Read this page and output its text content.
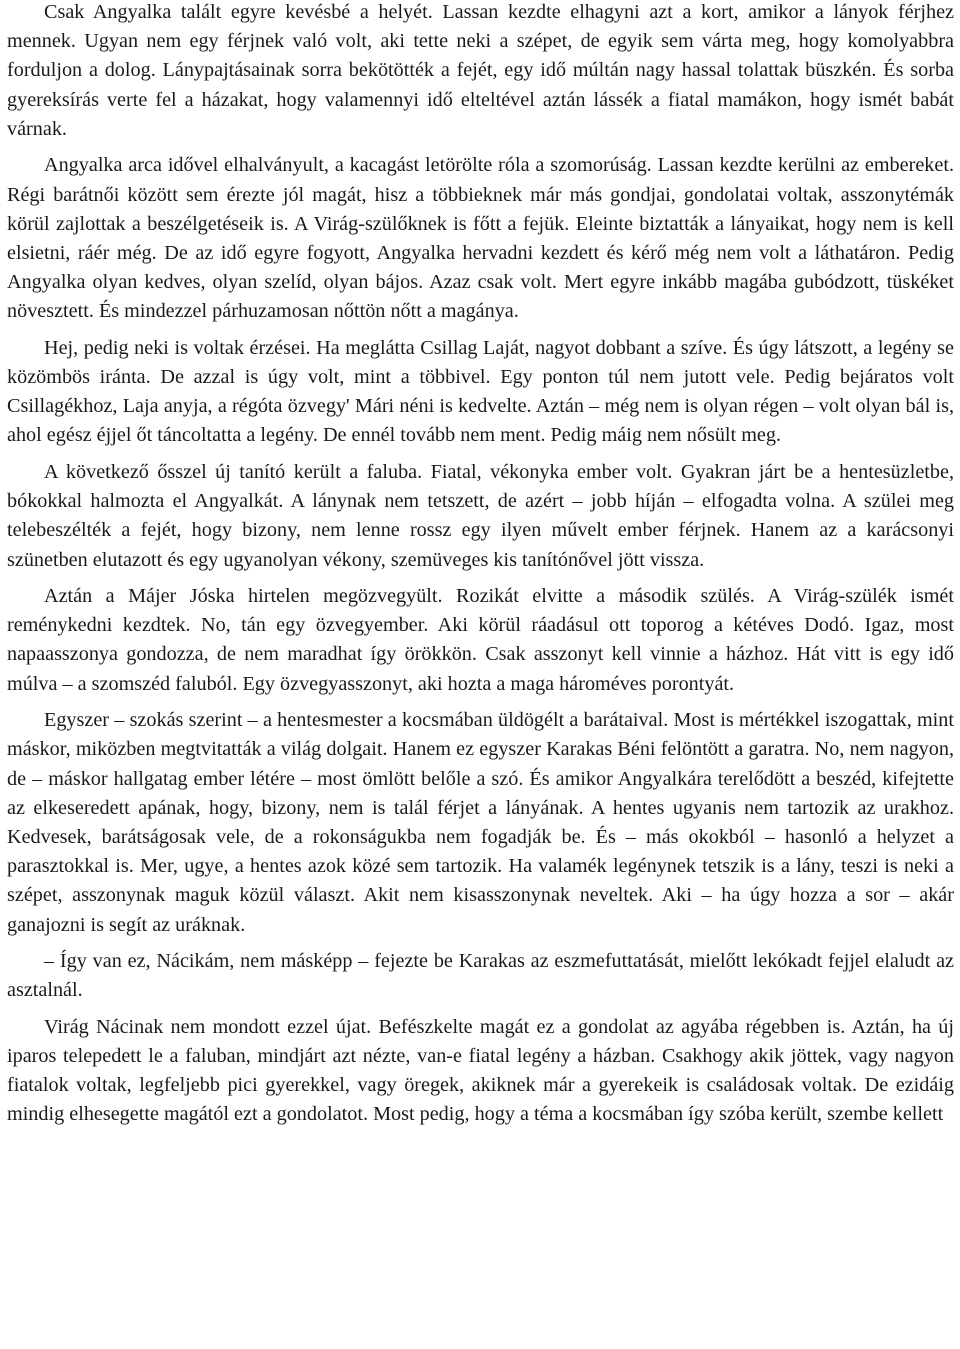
Csak Angyalka talált egyre kevésbé a helyét. Lassan kezdte elhagyni azt a kort, amikor a lányok férjhez mennek. Ugyan nem egy férjnek való volt, aki tette neki a szépet, de egyik sem várta meg, hogy komolyabbra forduljon a dolog. Lánypajtásainak sorra bekötötték a fejét, egy idő múltán nagy hassal tolattak büszkén. És sorba gyereksírás verte fel a házakat, hogy valamennyi idő elteltével aztán lássék a fiatal mamákon, hogy ismét babát várnak.

Angyalka arca idővel elhalványult, a kacagást letörölte róla a szomorúság. Lassan kezdte kerülni az embereket. Régi barátnői között sem érezte jól magát, hisz a többieknek már más gondjai, gondolatai voltak, asszonytémák körül zajlottak a beszélgetéseik is. A Virág-szülőknek is főtt a fejük. Eleinte biztatták a lányaikat, hogy nem is kell elsietni, ráér még. De az idő egyre fogyott, Angyalka hervadni kezdett és kérő még nem volt a láthatáron. Pedig Angyalka olyan kedves, olyan szelíd, olyan bájos. Azaz csak volt. Mert egyre inkább magába gubódzott, tüskéket növesztett. És mindezzel párhuzamosan nőttön nőtt a magánya.

Hej, pedig neki is voltak érzései. Ha meglátta Csillag Laját, nagyot dobbant a szíve. És úgy látszott, a legény se közömbös iránta. De azzal is úgy volt, mint a többivel. Egy ponton túl nem jutott vele. Pedig bejáratos volt Csillagékhoz, Laja anyja, a régóta özvegy' Mári néni is kedvelte. Aztán – még nem is olyan régen – volt olyan bál is, ahol egész éjjel őt táncoltatta a legény. De ennél tovább nem ment. Pedig máig nem nősült meg.

A következő ősszel új tanító került a faluba. Fiatal, vékonyka ember volt. Gyakran járt be a hentesüzletbe, bókokkal halmozta el Angyalkát. A lánynak nem tetszett, de azért – jobb híján – elfogadta volna. A szülei meg telebeszélték a fejét, hogy bizony, nem lenne rossz egy ilyen művelt ember férjnek. Hanem az a karácsonyi szünetben elutazott és egy ugyanolyan vékony, szemüveges kis tanítónővel jött vissza.

Aztán a Májer Jóska hirtelen megözvegyült. Rozikát elvitte a második szülés. A Virág-szülék ismét reménykedni kezdtek. No, tán egy özvegyember. Aki körül ráadásul ott toporog a kétéves Dodó. Igaz, most napaasszonya gondozza, de nem maradhat így örökkön. Csak asszonyt kell vinnie a házhoz. Hát vitt is egy idő múlva – a szomszéd faluból. Egy özvegyasszonyt, aki hozta a maga hároméves porontyát.

Egyszer – szokás szerint – a hentesmester a kocsmában üldögélt a barátaival. Most is mértékkel iszogattak, mint máskor, miközben megtvitatták a világ dolgait. Hanem ez egyszer Karakas Béni felöntött a garatra. No, nem nagyon, de – máskor hallgatag ember létére – most ömlött belőle a szó. És amikor Angyalkára terelődött a beszéd, kifejtette az elkeseredett apának, hogy, bizony, nem is talál férjet a lányának. A hentes ugyanis nem tartozik az urakhoz. Kedvesek, barátságosak vele, de a rokonságukba nem fogadják be. És – más okokból – hasonló a helyzet a parasztokkal is. Mer, ugye, a hentes azok közé sem tartozik. Ha valamék legénynek tetszik is a lány, teszi is neki a szépet, asszonynak maguk közül választ. Akit nem kisasszonynak neveltek. Aki – ha úgy hozza a sor – akár ganajozni is segít az uráknak.

– Így van ez, Nácikám, nem másképp – fejezte be Karakas az eszmefuttatását, mielőtt lekókadt fejjel elaludt az asztalnál.

Virág Nácinak nem mondott ezzel újat. Befészkelte magát ez a gondolat az agyába régebben is. Aztán, ha új iparos telepedett le a faluban, mindjárt azt nézte, van-e fiatal legény a házban. Csakhogy akik jöttek, vagy nagyon fiatalok voltak, legfeljebb pici gyerekkel, vagy öregek, akiknek már a gyerekeik is családosak voltak. De ezidáig mindig elhesegette magától ezt a gondolatot. Most pedig, hogy a téma a kocsmában így szóba került, szembe kellett
